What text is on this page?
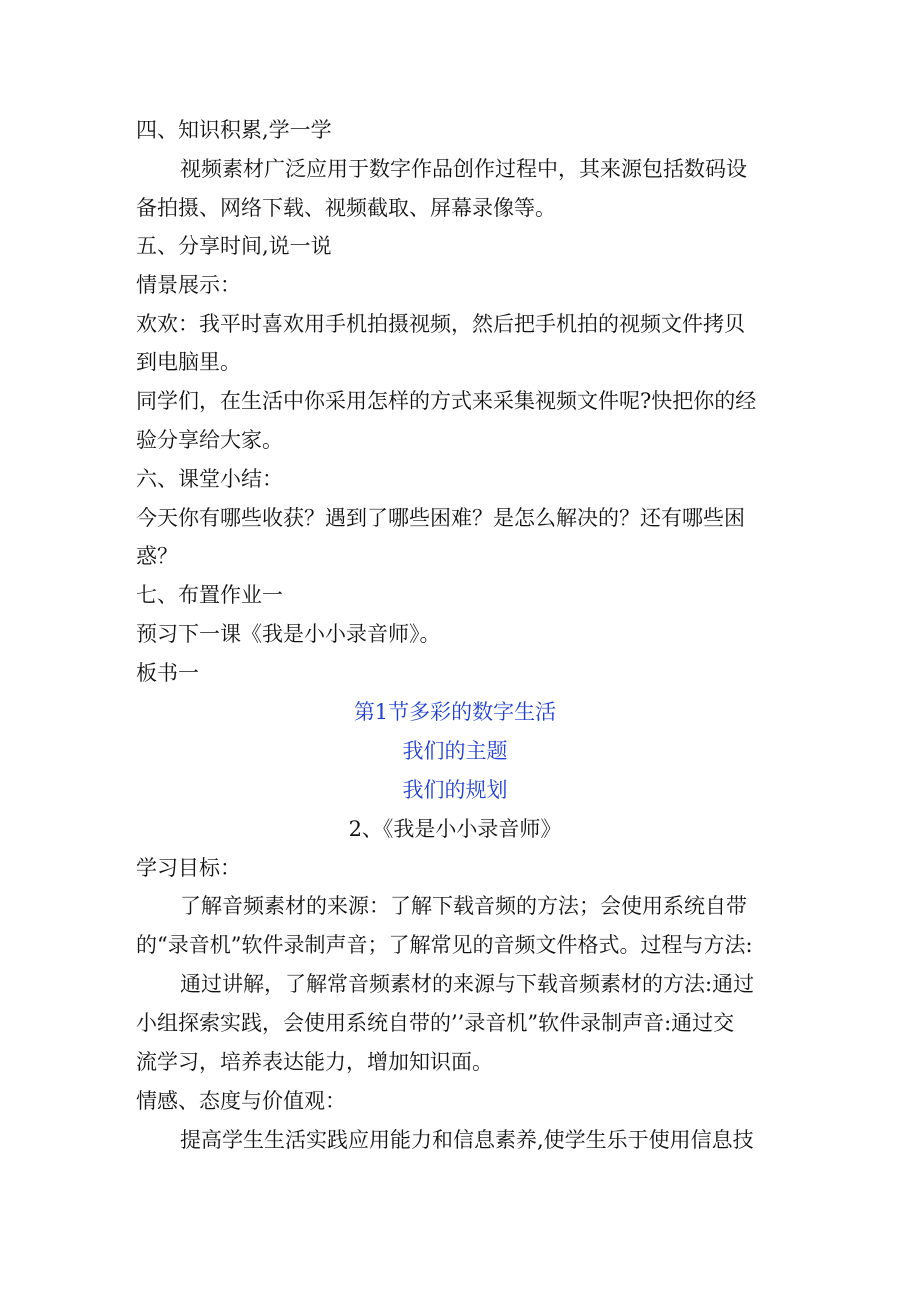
四、知识积累,学一学
视频素材广泛应用于数字作品创作过程中，其来源包括数码设
备拍摄、网络下载、视频截取、屏幕录像等。
五、分享时间,说一说
情景展示：
欢欢：我平时喜欢用手机拍摄视频，然后把手机拍的视频文件拷贝
到电脑里。
同学们，在生活中你采用怎样的方式来采集视频文件呢?快把你的经
验分享给大家。
六、课堂小结：
今天你有哪些收获？遇到了哪些困难？是怎么解决的？还有哪些困
惑？
七、布置作业一
预习下一课《我是小小录音师》。
板书一
第1节多彩的数字生活
我们的主题
我们的规划
2、《我是小小录音师》
学习目标：
了解音频素材的来源：了解下载音频的方法；会使用系统自带
的“录音机”软件录制声音；了解常见的音频文件格式。过程与方法:
通过讲解，了解常音频素材的来源与下载音频素材的方法:通过
小组探索实践，会使用系统自带的’’录音机”软件录制声音:通过交
流学习，培养表达能力，增加知识面。
情感、态度与价值观：
提高学生生活实践应用能力和信息素养,使学生乐于使用信息技
